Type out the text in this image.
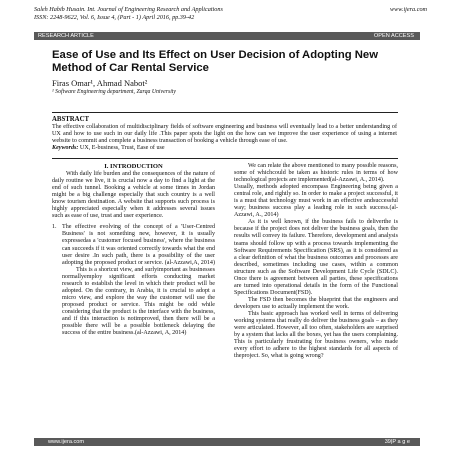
Saleh Habib Husain. Int. Journal of Engineering Research and Applications
ISSN: 2248-9622, Vol. 6, Issue 4, (Part - 1) April 2016, pp.39-42
www.ijera.com
RESEARCH ARTICLE	OPEN ACCESS
Ease of Use and Its Effect on User Decision of Adopting New Method of Car Rental Service
Firas Omar¹, Ahmad Nabot²
¹ Software Engineering department, Zarqa University
ABSTRACT
The effective collaboration of multidisciplinary fields of software engineering and business will eventually lead to a better understanding of UX and how to use such in our daily life .This paper spots the light on the how can we improve the user experience of using a internet website to commit and complete a business transaction of booking a vehicle through ease of use.
Keywords: UX, E-business, Trust, Ease of use
I. INTRODUCTION

With daily life burden and the consequences of the nature of daily routine we live, it is crucial now a day to find a light at the end of such tunnel. Booking a vehicle at some times in Jordan might be a big challenge especially that such country is a well know tourism destination. A website that supports such process is highly appreciated especially when it addresses several issues such as ease of use, trust and user experience.

1. The effective evolving of the concept of a 'User-Centred Business' is not something new, however, it is usually expressedas a 'customer focused business', where the business can succeeds if it was oriented correctly towards what the end user desire .In such path, there is a possibility of the user adopting the proposed product or service. (al-Azzawi,A, 2014)

This is a shortcut view, and surlyimportant as businesses normallyemploy significant efforts conducting market research to establish the level in which their product will be adopted. On the contrary, in Arabia, it is crucial to adopt a micro view, and explore the way the customer will use the proposed product or service. This might be odd while considering that the product is the interface with the business, and if this interaction is notimproved, then there will be a possible there will be a possible bottleneck delaying the success of the entire business.(al-Azzawi, A, 2014)

We can relate the above mentioned to many possible reasons, some of whichcould be taken as historic rules in terms of how technological projects are implemented(al-Azzawi, A., 2014).

Usually, methods adopted encompass Engineering being given a central role, and rightly so. In order to make a project successful, it is a must that technology must work in an effective andsuccessful way; business success play a leading role in such success.(al-Azzawi, A., 2014)

As it is well known, if the business fails to deliverthe is because if the project does not deliver the business goals, then the results will convey its failure. Therefore, development and analysis teams should follow up with a process towards implementing the Software Requirements Specification (SRS), as it is considered as a clear definition of what the business outcomes and processes are described, sometimes including use cases, within a common structure such as the Software Development Life Cycle (SDLC). Once there is agreement between all parties, these specifications are turned into operational details in the form of the Functional Specifications Document(FSD).

The FSD then becomes the blueprint that the engineers and developers use to actually implement the work.

This basic approach has worked well in terms of delivering working systems that really do deliver the business goals – as they were articulated. However, all too often, stakeholders are surprised by a system that lacks all the boxes, yet has the users complaining. This is particularly frustrating for business owners, who made every effort to adhere to the highest standards for all aspects of theproject. So, what is going wrong?

www.ijera.com	39|P a g e
